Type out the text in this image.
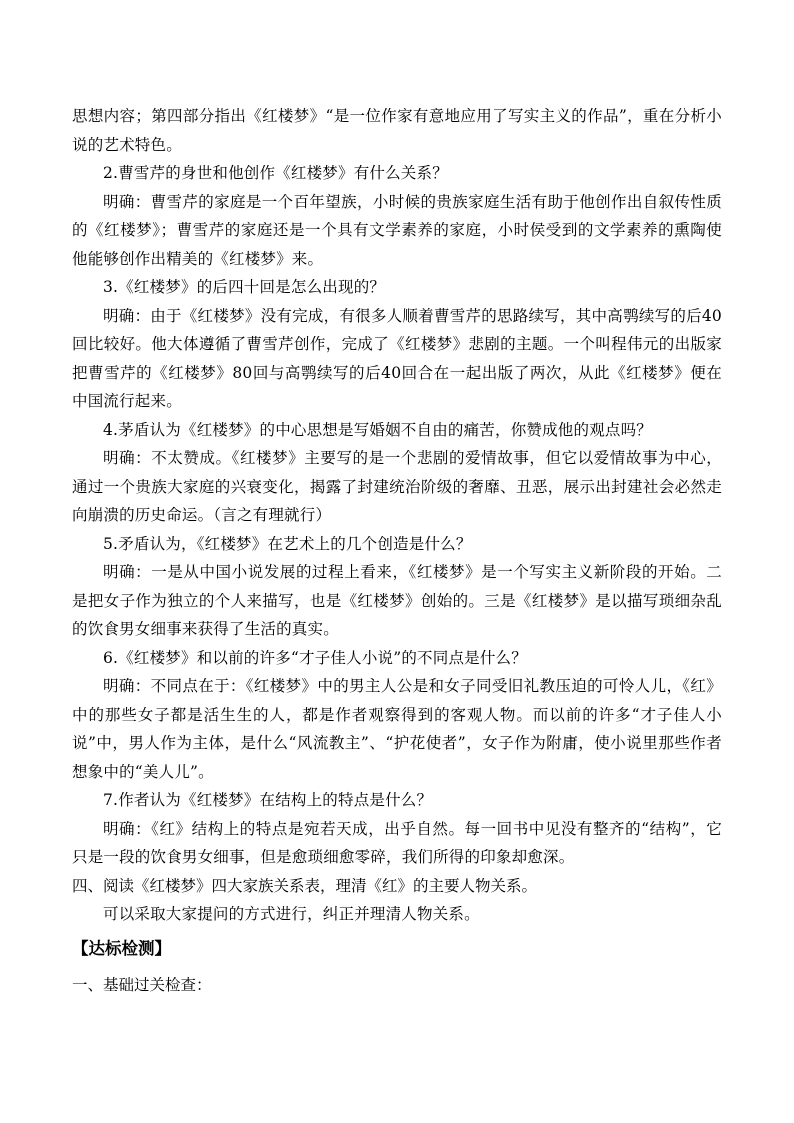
思想内容；第四部分指出《红楼梦》“是一位作家有意地应用了写实主义的作品”，重在分析小说的艺术特色。

2.曹雪芹的身世和他创作《红楼梦》有什么关系？

明确：曹雪芹的家庭是一个百年望族，小时候的贵族家庭生活有助于他创作出自叙传性质的《红楼梦》；曹雪芹的家庭还是一个具有文学素养的家庭，小时侯受到的文学素养的熏陶使他能够创作出精美的《红楼梦》来。

3.《红楼梦》的后四十回是怎么出现的？

明确：由于《红楼梦》没有完成，有很多人顺着曹雪芹的思路续写，其中高鹗续写的后40回比较好。他大体遵循了曹雪芹创作，完成了《红楼梦》悲剧的主题。一个叫程伟元的出版家把曹雪芹的《红楼梦》80回与高鹗续写的后40回合在一起出版了两次，从此《红楼梦》便在中国流行起来。

4.茅盾认为《红楼梦》的中心思想是写婚姻不自由的痛苦，你赞成他的观点吗？

明确：不太赞成。《红楼梦》主要写的是一个悲剧的爱情故事，但它以爱情故事为中心，通过一个贵族大家庭的兴衰变化，揭露了封建统治阶级的奢靡、丑恶，展示出封建社会必然走向崩溃的历史命运。（言之有理就行）

5.矛盾认为，《红楼梦》在艺术上的几个创造是什么？

明确：一是从中国小说发展的过程上看来，《红楼梦》是一个写实主义新阶段的开始。二是把女子作为独立的个人来描写，也是《红楼梦》创始的。三是《红楼梦》是以描写琐细杂乱的饮食男女细事来获得了生活的真实。

6.《红楼梦》和以前的许多“才子佳人小说”的不同点是什么？

明确：不同点在于：《红楼梦》中的男主人公是和女子同受旧礼教压迫的可怜人儿，《红》中的那些女子都是活生生的人，都是作者观察得到的客观人物。而以前的许多“才子佳人小说”中，男人作为主体，是什么“风流教主”、“护花使者”，女子作为附庸，使小说里那些作者想象中的“美人儿”。

7.作者认为《红楼梦》在结构上的特点是什么？

明确：《红》结构上的特点是宛若天成，出乎自然。每一回书中见没有整齐的“结构”，它只是一段的饮食男女细事，但是愈琐细愈零碎，我们所得的印象却愈深。

四、阅读《红楼梦》四大家族关系表，理清《红》的主要人物关系。

可以采取大家提问的方式进行，纠正并理清人物关系。

【达标检测】

一、基础过关检查：
